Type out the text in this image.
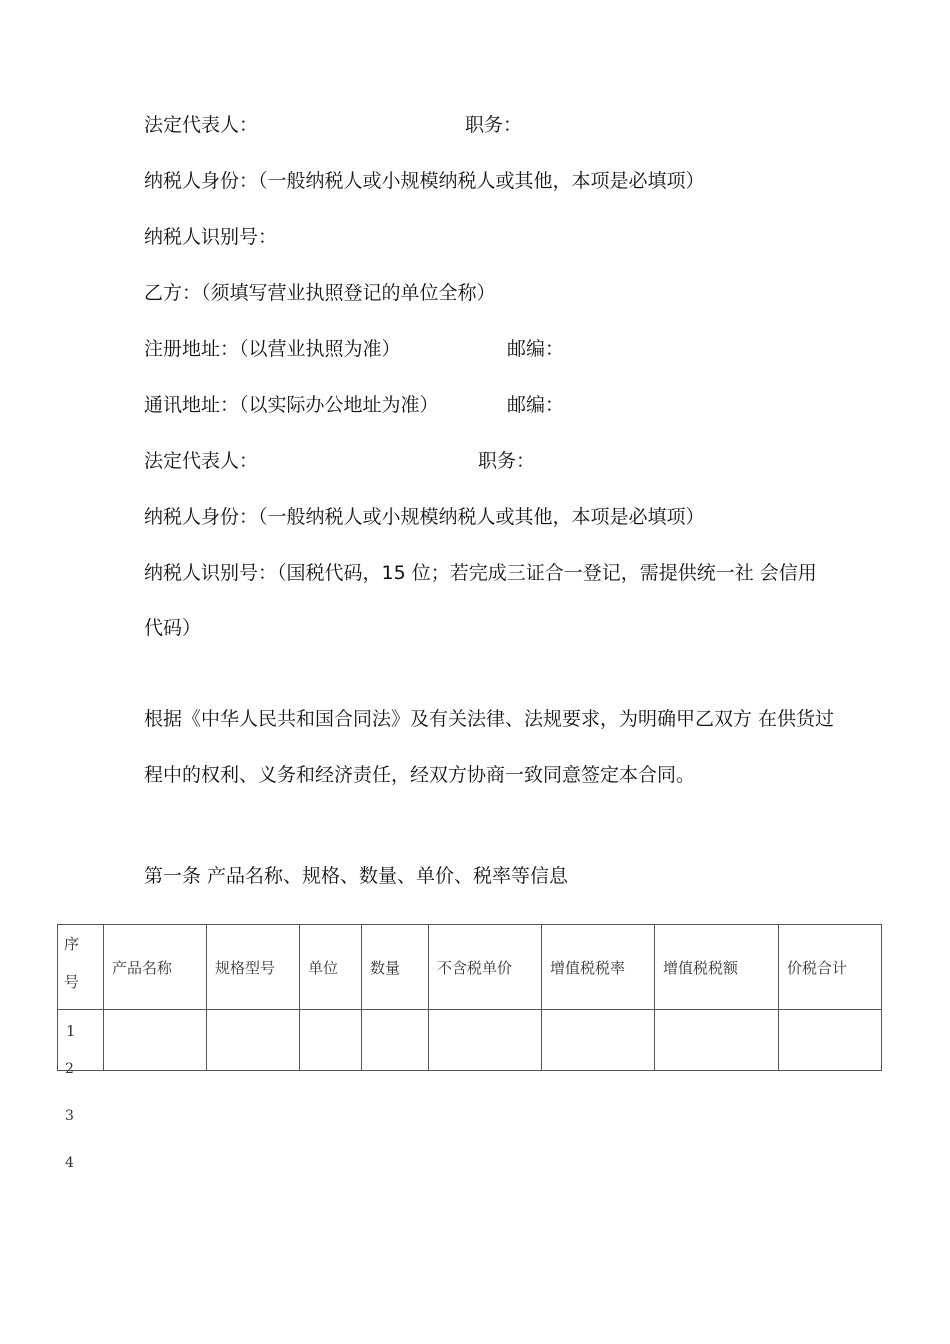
法定代表人：	职务：
纳税人身份：（一般纳税人或小规模纳税人或其他，本项是必填项）
纳税人识别号：
乙方：（须填写营业执照登记的单位全称）
注册地址：（以营业执照为准）	邮编：
通讯地址：（以实际办公地址为准）	邮编：
法定代表人：	职务：
纳税人身份：（一般纳税人或小规模纳税人或其他，本项是必填项）
纳税人识别号：（国税代码，15 位；若完成三证合一登记，需提供统一社 会信用
代码）
根据《中华人民共和国合同法》及有关法律、法规要求，为明确甲乙双方 在供货过
程中的权利、义务和经济责任，经双方协商一致同意签定本合同。
第一条 产品名称、规格、数量、单价、税率等信息
序
号	产品名称	规格型号	单位	数量	不含税单价	增值税税率	增值税税额	价税合计
1								
2
3
4
